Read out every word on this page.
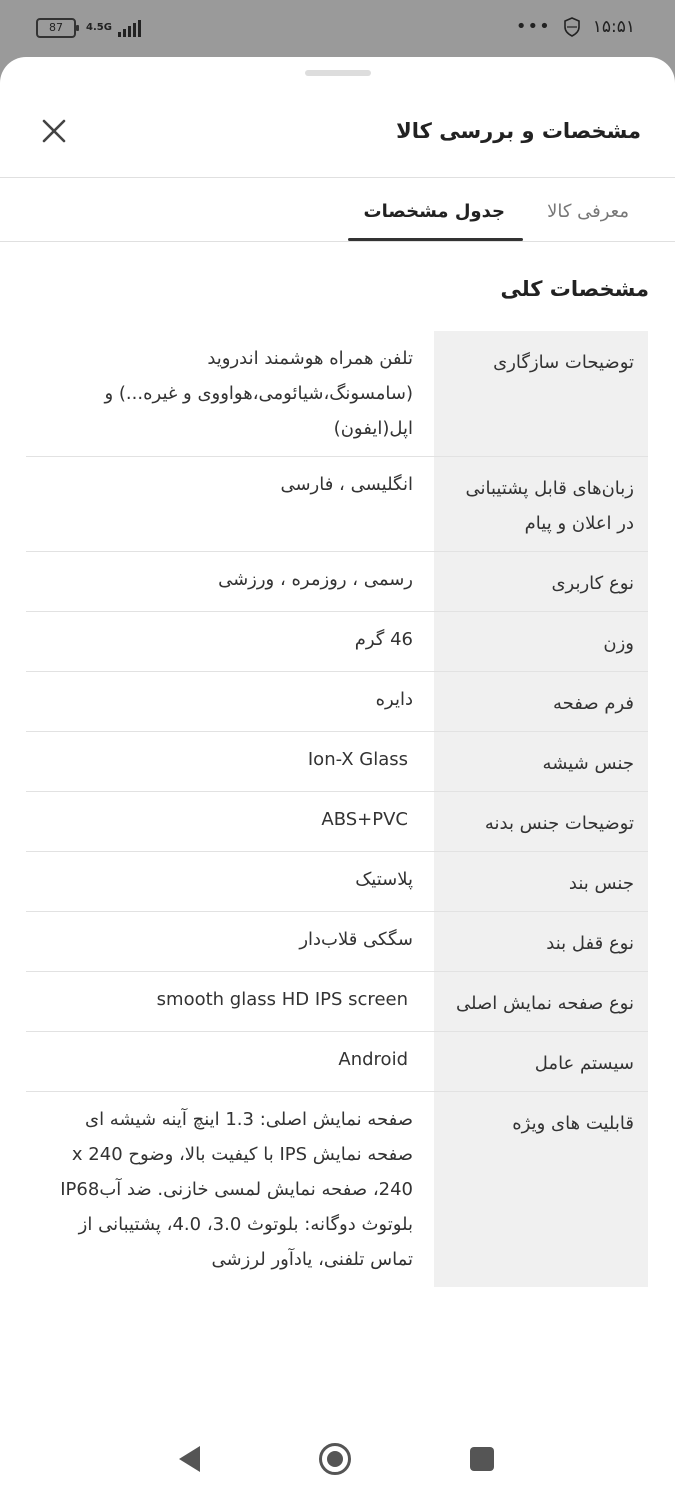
87	4.5G	••• ۱۵:۵۱
مشخصات و بررسی کالا
معرفی کالا
جدول مشخصات
مشخصات کلی
توضیحات سازگاری
تلفن همراه هوشمند اندروید
(سامسونگ،شیائومی،هواووی و غیره...) و
اپل(ایفون)

زبان‌های قابل پشتیبانی در اعلان و پیام
انگلیسی ، فارسی
نوع کاربری
رسمی ، روزمره ، ورزشی
وزن
46 گرم
فرم صفحه
دایره
جنس شیشه
Ion-X Glass
توضیحات جنس بدنه
ABS+PVC
جنس بند
پلاستیک
نوع قفل بند
سگکی قلاب‌دار
نوع صفحه نمایش اصلی
smooth glass HD IPS screen
سیستم عامل
Android
قابلیت های ویژه
صفحه نمایش اصلی: 1.3 اینچ آینه شیشه ای صفحه نمایش IPS با کیفیت بالا، وضوح 240 x 240، صفحه نمایش لمسی خازنی. ضد آبIP68
بلوتوث دوگانه: بلوتوث 3.0، 4.0، پشتیبانی از تماس تلفنی، یادآور لرزشی
